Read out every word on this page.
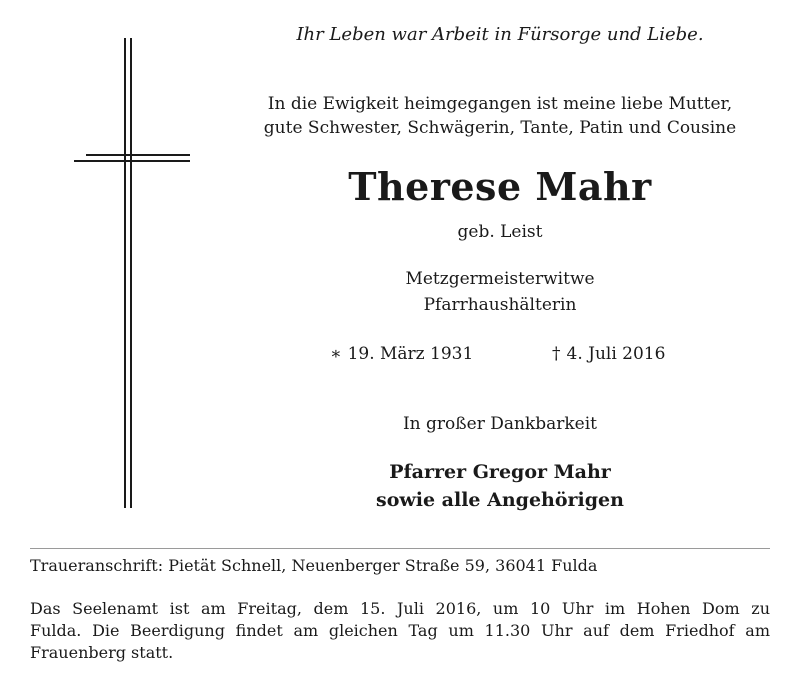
Ihr Leben war Arbeit in Fürsorge und Liebe.
In die Ewigkeit heimgegangen ist meine liebe Mutter,
gute Schwester, Schwägerin, Tante, Patin und Cousine
Therese Mahr
geb. Leist
Metzgermeisterwitwe
Pfarrhaushälterin
∗ 19. März 1931	† 4. Juli 2016
In großer Dankbarkeit
Pfarrer Gregor Mahr
sowie alle Angehörigen
Traueranschrift: Pietät Schnell, Neuenberger Straße 59, 36041 Fulda
Das Seelenamt ist am Freitag, dem 15. Juli 2016, um 10 Uhr im Hohen Dom zu
Fulda. Die Beerdigung findet am gleichen Tag um 11.30 Uhr auf dem Friedhof am
Frauenberg statt.
